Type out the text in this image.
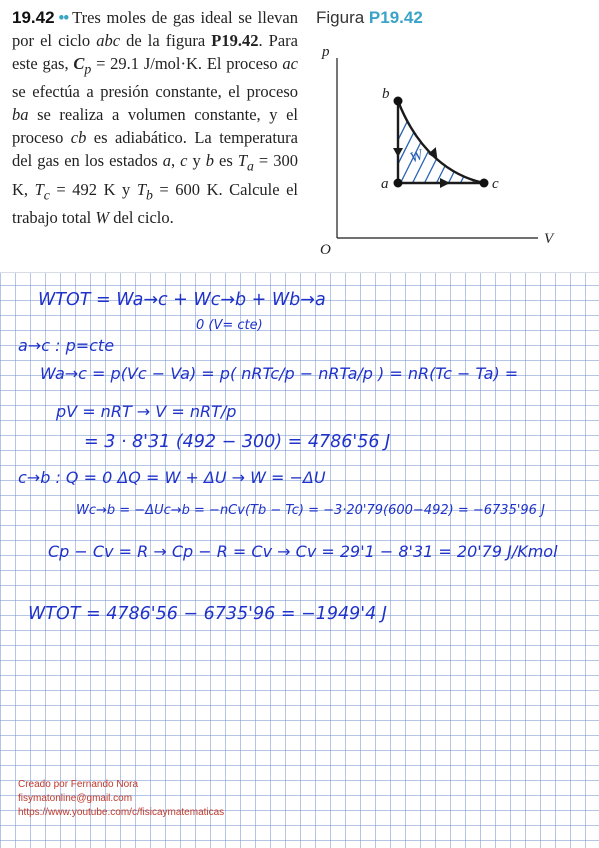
19.42 •• Tres moles de gas ideal se llevan por el ciclo abc de la figura P19.42. Para este gas, $C_p = 29.1$ J/mol·K. El proceso ac se efectúa a presión constante, el proceso ba se realiza a volumen constante, y el proceso cb es adiabático. La temperatura del gas en los estados a, c y b es $T_a = 300$ K, $T_c = 492$ K y $T_b = 600$ K. Calcule el trabajo total W del ciclo.
Figura P19.42
p
V
O
b
a	c
W
WTOT = Wa→c + Wc→b + Wb→a
0 (V= cte)
a→c : p=cte
Wa→c = p(Vc − Va) = p( nRTc/p − nRTa/p ) = nR(Tc − Ta) =
pV = nRT → V = nRT/p
= 3 · 8'31 (492 − 300) = 4786'56 J
c→b : Q = 0 ΔQ = W + ΔU → W = −ΔU
Wc→b = −ΔUc→b = −nCv(Tb − Tc) = −3·20'79(600−492) = −6735'96 J
Cp − Cv = R → Cp − R = Cv → Cv = 29'1 − 8'31 = 20'79 J/Kmol
WTOT = 4786'56 − 6735'96 = −1949'4 J
Creado por Fernando Nora
fisymatonline@gmail.com
https://www.youtube.com/c/fisicaymatematicas
